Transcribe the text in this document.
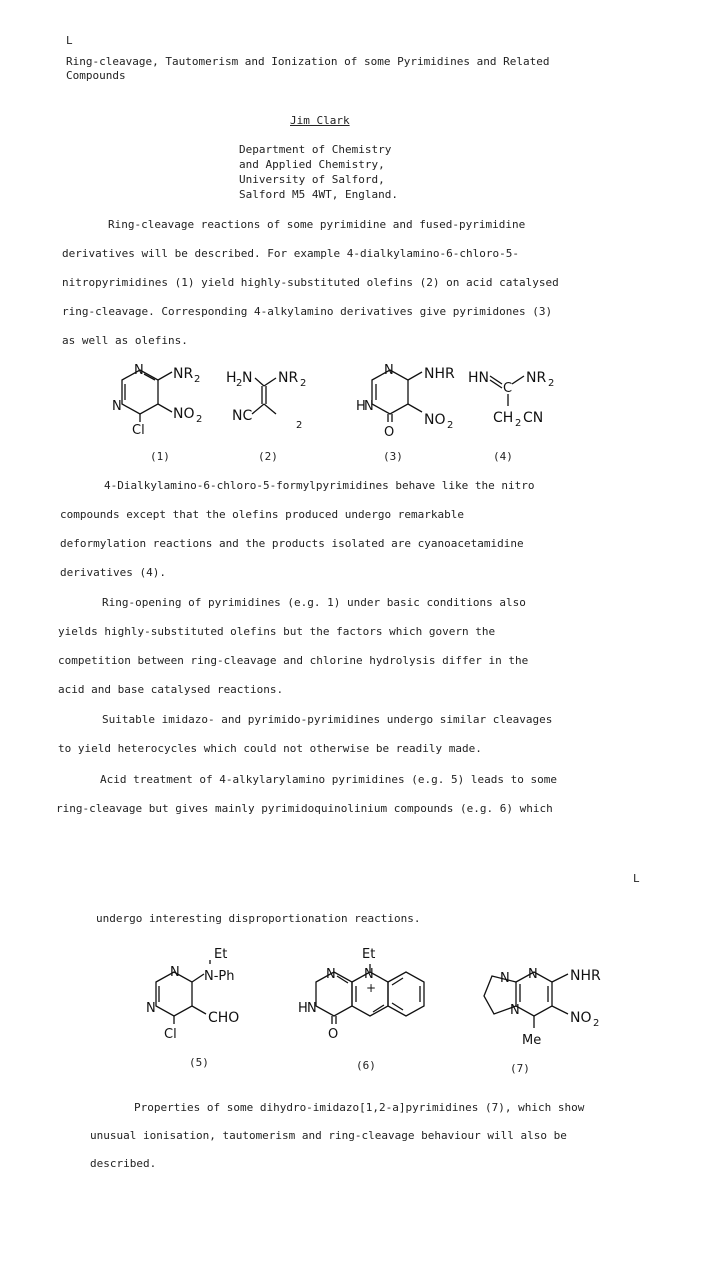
L
L
Ring-cleavage, Tautomerism and Ionization of some Pyrimidines and Related
Compounds
Jim Clark
Department of Chemistry
and Applied Chemistry,
University of Salford,
Salford M5 4WT, England.
Ring-cleavage reactions of some pyrimidine and fused-pyrimidine
derivatives will be described. For example 4-dialkylamino-6-chloro-5-
nitropyrimidines (1) yield highly-substituted olefins (2) on acid catalysed
ring-cleavage. Corresponding 4-alkylamino derivatives give pyrimidones (3)
as well as olefins.
N
N
NR 2
NO 2
Cl
H 2 N NR 2
NC
2
N
H
N
NHR
NO 2
O
HN
C
NR 2
CH 2 CN
(1)	(2)	(3)	(4)
4-Dialkylamino-6-chloro-5-formylpyrimidines behave like the nitro
compounds except that the olefins produced undergo remarkable
deformylation reactions and the products isolated are cyanoacetamidine
derivatives (4).
Ring-opening of pyrimidines (e.g. 1) under basic conditions also
yields highly-substituted olefins but the factors which govern the
competition between ring-cleavage and chlorine hydrolysis differ in the
acid and base catalysed reactions.
Suitable imidazo- and pyrimido-pyrimidines undergo similar cleavages
to yield heterocycles which could not otherwise be readily made.
Acid treatment of 4-alkylarylamino pyrimidines (e.g. 5) leads to some
ring-cleavage but gives mainly pyrimidoquinolinium compounds (e.g. 6) which
undergo interesting disproportionation reactions.
Et
N-Ph
N
N
CHO
Cl
Et
N N
+
H N
O
N N
N
NHR
NO 2
Me
(5)	(6)	(7)
Properties of some dihydro-imidazo[1,2-a]pyrimidines (7), which show
unusual ionisation, tautomerism and ring-cleavage behaviour will also be
described.
